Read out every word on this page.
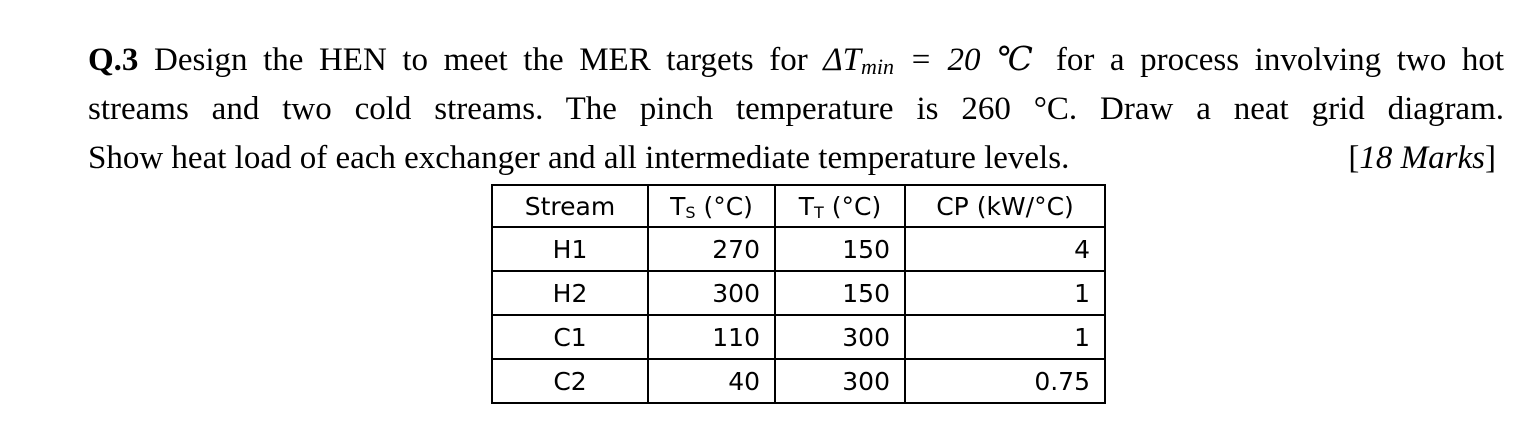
Q.3 Design the HEN to meet the MER targets for $\Delta T_{min} = 20$ ℃ for a process involving two hot
streams and two cold streams. The pinch temperature is 260 °C. Draw a neat grid diagram.
Show heat load of each exchanger and all intermediate temperature levels.	[18 Marks]
Stream	$T_S$ (°C)	$T_T$ (°C)	CP (kW/°C)
H1	270	150	4
H2	300	150	1
C1	110	300	1
C2	40	300	0.75
